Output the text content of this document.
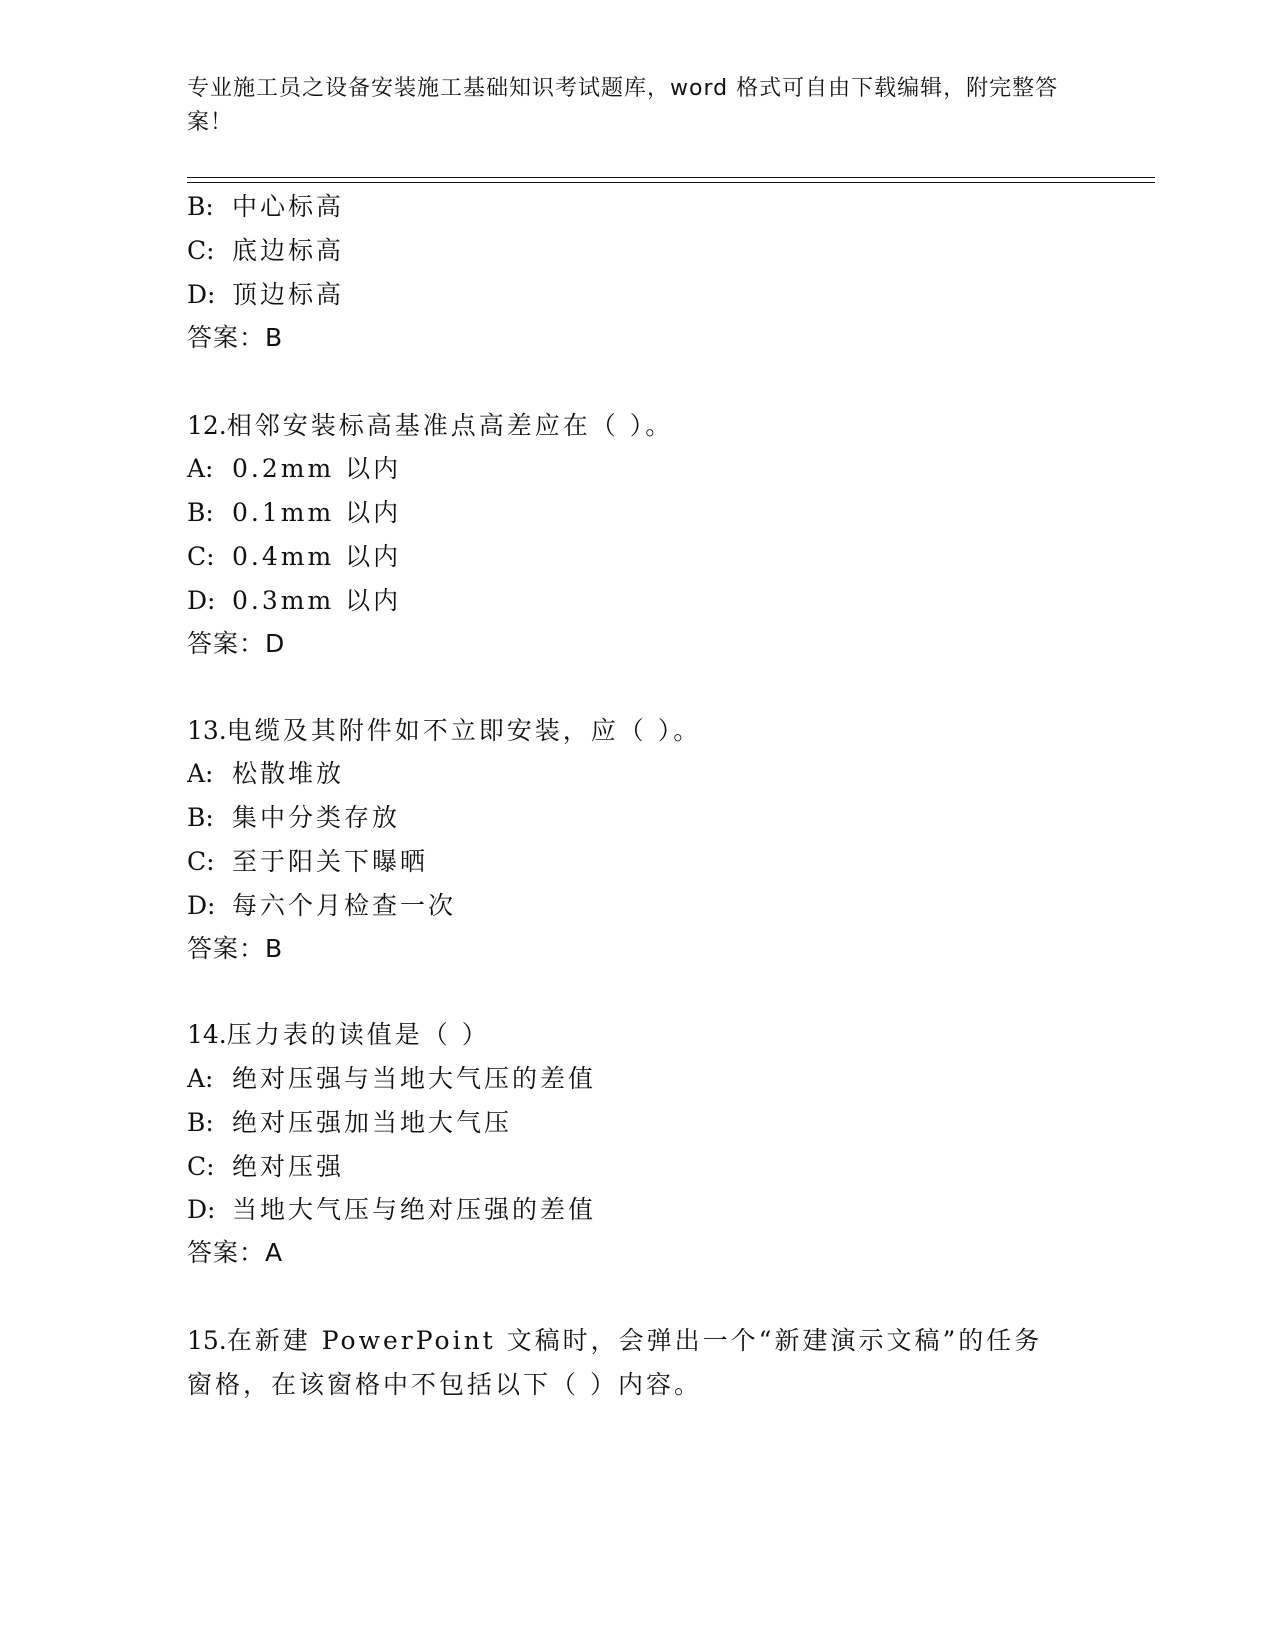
专业施工员之设备安装施工基础知识考试题库，word 格式可自由下载编辑，附完整答案！
B: 中心标高
C: 底边标高
D: 顶边标高
答案：B
12.相邻安装标高基准点高差应在（ ）。
A: 0.2mm 以内
B: 0.1mm 以内
C: 0.4mm 以内
D: 0.3mm 以内
答案：D
13.电缆及其附件如不立即安装，应（ ）。
A: 松散堆放
B: 集中分类存放
C: 至于阳关下曝晒
D: 每六个月检查一次
答案：B
14.压力表的读值是（ ）
A: 绝对压强与当地大气压的差值
B: 绝对压强加当地大气压
C: 绝对压强
D: 当地大气压与绝对压强的差值
答案：A
15.在新建 PowerPoint 文稿时，会弹出一个“新建演示文稿”的任务
窗格，在该窗格中不包括以下（ ）内容。
